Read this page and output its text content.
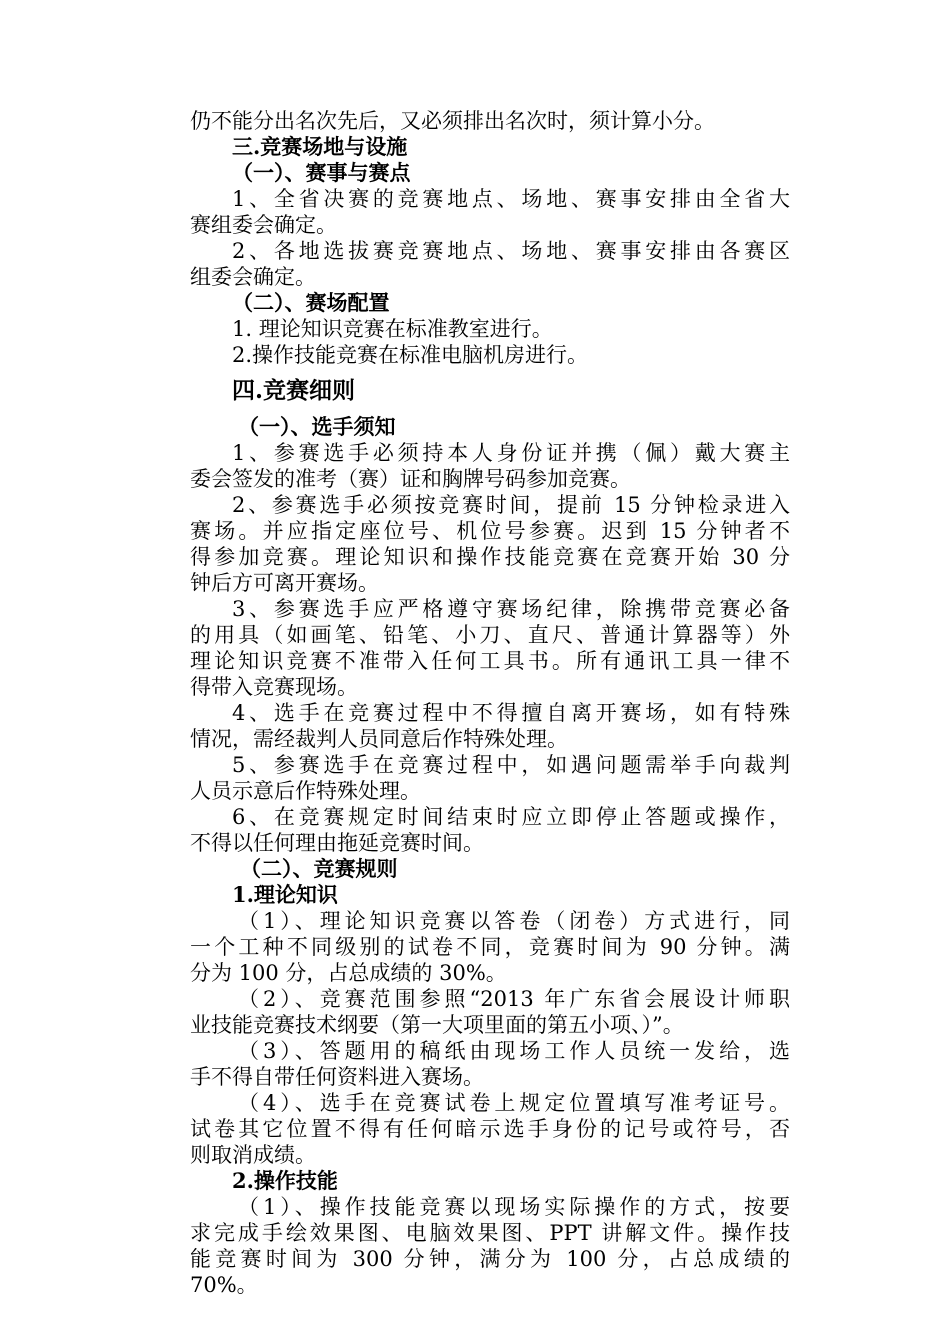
仍不能分出名次先后，又必须排出名次时，须计算小分。
三.竞赛场地与设施
（一）、赛事与赛点
1、全省决赛的竞赛地点、场地、赛事安排由全省大
赛组委会确定。
2、各地选拔赛竞赛地点、场地、赛事安排由各赛区
组委会确定。
（二）、赛场配置
1. 理论知识竞赛在标准教室进行。
2.操作技能竞赛在标准电脑机房进行。
四.竞赛细则
（一）、选手须知
1、参赛选手必须持本人身份证并携（佩）戴大赛主
委会签发的准考（赛）证和胸牌号码参加竞赛。
2、参赛选手必须按竞赛时间，提前 15 分钟检录进入
赛场。并应指定座位号、机位号参赛。迟到 15 分钟者不
得参加竞赛。理论知识和操作技能竞赛在竞赛开始 30 分
钟后方可离开赛场。
3、参赛选手应严格遵守赛场纪律，除携带竞赛必备
的用具（如画笔、铅笔、小刀、直尺、普通计算器等）外
理论知识竞赛不准带入任何工具书。所有通讯工具一律不
得带入竞赛现场。
4、选手在竞赛过程中不得擅自离开赛场，如有特殊
情况，需经裁判人员同意后作特殊处理。
5、参赛选手在竞赛过程中，如遇问题需举手向裁判
人员示意后作特殊处理。
6、在竞赛规定时间结束时应立即停止答题或操作，
不得以任何理由拖延竞赛时间。
（二）、竞赛规则
1.理论知识
（1）、理论知识竞赛以答卷（闭卷）方式进行，同
一个工种不同级别的试卷不同，竞赛时间为 90 分钟。满
分为 100 分，占总成绩的 30%。
（2）、竞赛范围参照“2013 年广东省会展设计师职
业技能竞赛技术纲要（第一大项里面的第五小项、）”。
（3）、答题用的稿纸由现场工作人员统一发给，选
手不得自带任何资料进入赛场。
（4）、选手在竞赛试卷上规定位置填写准考证号。
试卷其它位置不得有任何暗示选手身份的记号或符号，否
则取消成绩。
2.操作技能
（1）、操作技能竞赛以现场实际操作的方式，按要
求完成手绘效果图、电脑效果图、PPT 讲解文件。操作技
能竞赛时间为 300 分钟，满分为 100 分，占总成绩的
70%。
